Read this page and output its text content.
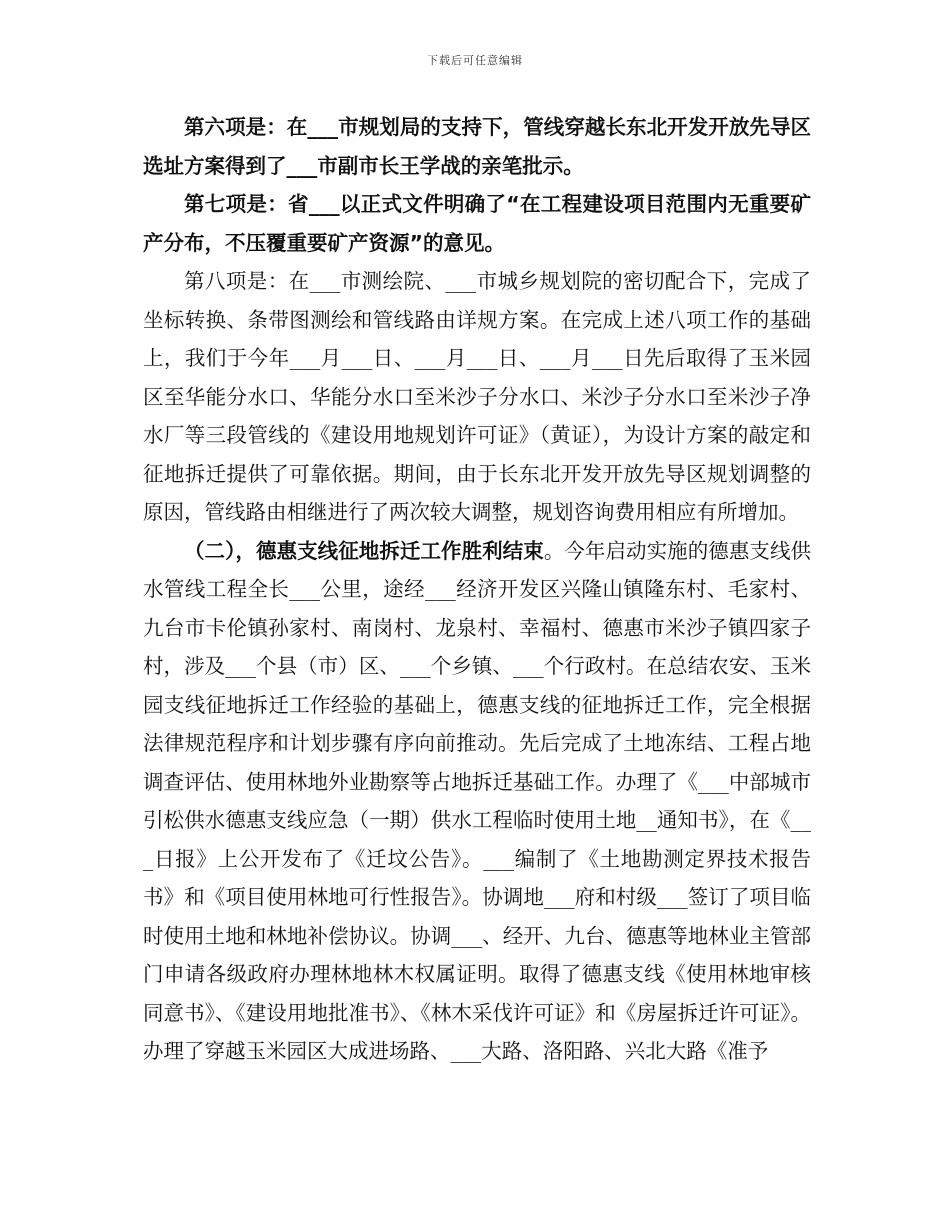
下载后可任意编辑

第六项是：在___市规划局的支持下，管线穿越长东北开发开放先导区选址方案得到了___市副市长王学战的亲笔批示。

第七项是：省___以正式文件明确了“在工程建设项目范围内无重要矿产分布，不压覆重要矿产资源”的意见。

第八项是：在___市测绘院、___市城乡规划院的密切配合下，完成了坐标转换、条带图测绘和管线路由详规方案。在完成上述八项工作的基础上，我们于今年___月___日、___月___日、___月___日先后取得了玉米园区至华能分水口、华能分水口至米沙子分水口、米沙子分水口至米沙子净水厂等三段管线的《建设用地规划许可证》（黄证），为设计方案的敲定和征地拆迁提供了可靠依据。期间，由于长东北开发开放先导区规划调整的原因，管线路由相继进行了两次较大调整，规划咨询费用相应有所增加。

（二），德惠支线征地拆迁工作胜利结束。今年启动实施的德惠支线供水管线工程全长___公里，途经___经济开发区兴隆山镇隆东村、毛家村、九台市卡伦镇孙家村、南岗村、龙泉村、幸福村、德惠市米沙子镇四家子村，涉及___个县（市）区、___个乡镇、___个行政村。在总结农安、玉米园支线征地拆迁工作经验的基础上，德惠支线的征地拆迁工作，完全根据法律规范程序和计划步骤有序向前推动。先后完成了土地冻结、工程占地调查评估、使用林地外业勘察等占地拆迁基础工作。办理了《___中部城市引松供水德惠支线应急（一期）供水工程临时使用土地__通知书》，在《___日报》上公开发布了《迁坟公告》。___编制了《土地勘测定界技术报告书》和《项目使用林地可行性报告》。协调地___府和村级___签订了项目临时使用土地和林地补偿协议。协调___、经开、九台、德惠等地林业主管部门申请各级政府办理林地林木权属证明。取得了德惠支线《使用林地审核同意书》、《建设用地批准书》、《林木采伐许可证》和《房屋拆迁许可证》。办理了穿越玉米园区大成进场路、___大路、洛阳路、兴北大路《准予
